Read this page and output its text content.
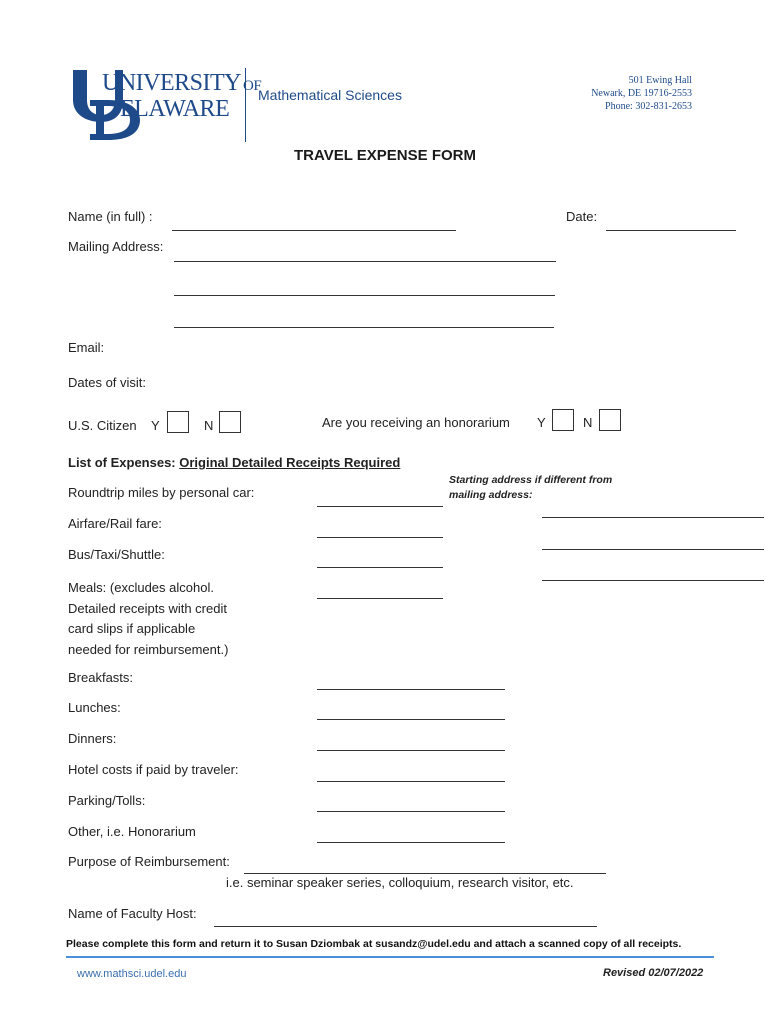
UNIVERSITY OF
ELAWARE
Mathematical Sciences
501 Ewing Hall
Newark, DE 19716-2553
Phone: 302-831-2653
TRAVEL EXPENSE FORM
Name (in full) :	Date:
Mailing Address:
Email:
Dates of visit:
U.S. Citizen Y	N	Are you receiving an honorarium Y	N
List of Expenses: Original Detailed Receipts Required
Starting address if different from
mailing address:
Roundtrip miles by personal car:
Airfare/Rail fare:
Bus/Taxi/Shuttle:
Meals: (excludes alcohol.
Detailed receipts with credit
card slips if applicable
needed for reimbursement.)
Breakfasts:
Lunches:
Dinners:
Hotel costs if paid by traveler:
Parking/Tolls:
Other, i.e. Honorarium
Purpose of Reimbursement:
i.e. seminar speaker series, colloquium, research visitor, etc.
Name of Faculty Host:
Please complete this form and return it to Susan Dziombak at susandz@udel.edu and attach a scanned copy of all receipts.
www.mathsci.udel.edu	Revised 02/07/2022
